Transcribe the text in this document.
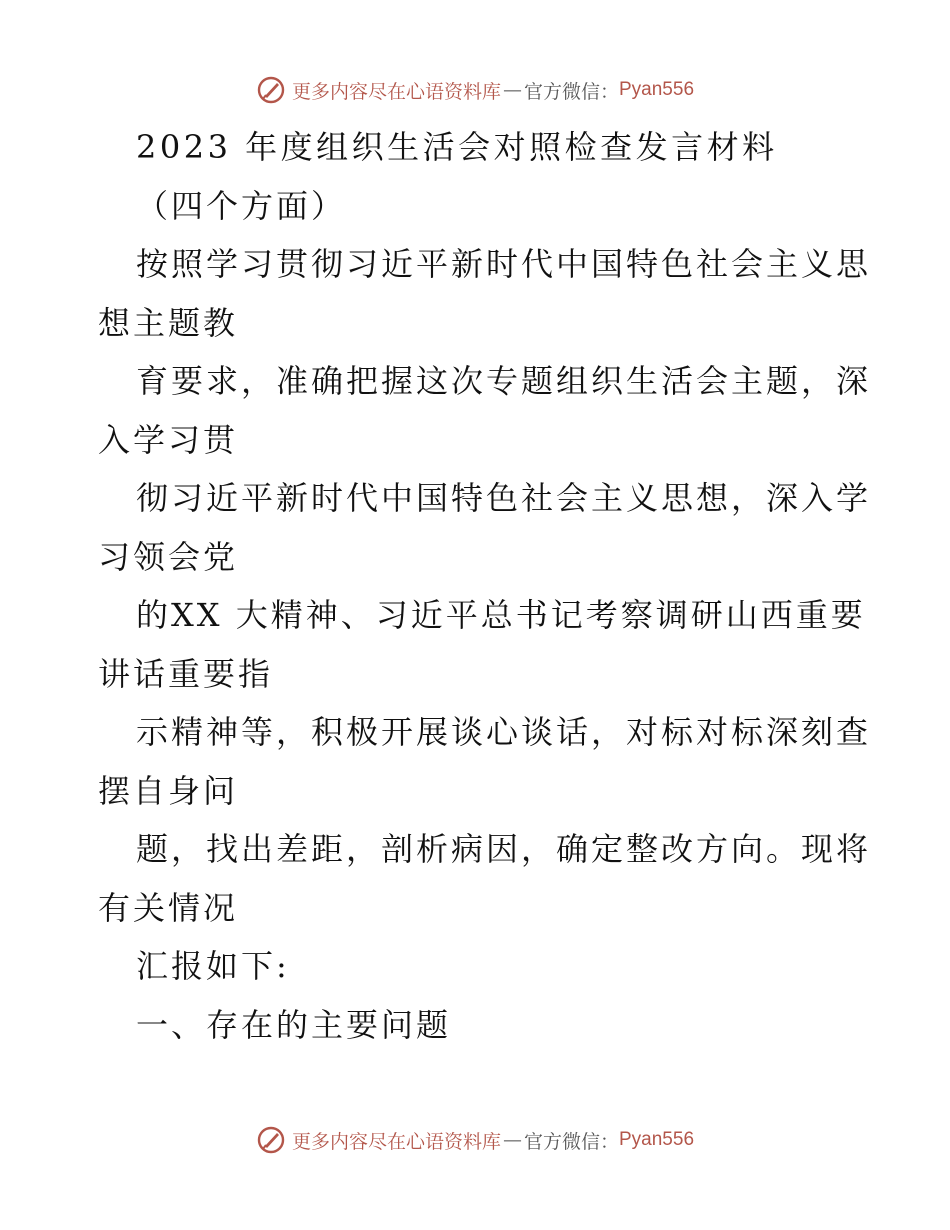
更多内容尽在心语资料库 — 官方微信： Pyan556
2023 年度组织生活会对照检查发言材料
（四个方面）
按照学习贯彻习近平新时代中国特色社会主义思
想主题教
育要求，准确把握这次专题组织生活会主题，深
入学习贯
彻习近平新时代中国特色社会主义思想，深入学
习领会党
的XX 大精神、习近平总书记考察调研山西重要
讲话重要指
示精神等，积极开展谈心谈话，对标对标深刻查
摆自身问
题，找出差距，剖析病因，确定整改方向。现将
有关情况
汇报如下:
一、存在的主要问题
更多内容尽在心语资料库 — 官方微信： Pyan556
